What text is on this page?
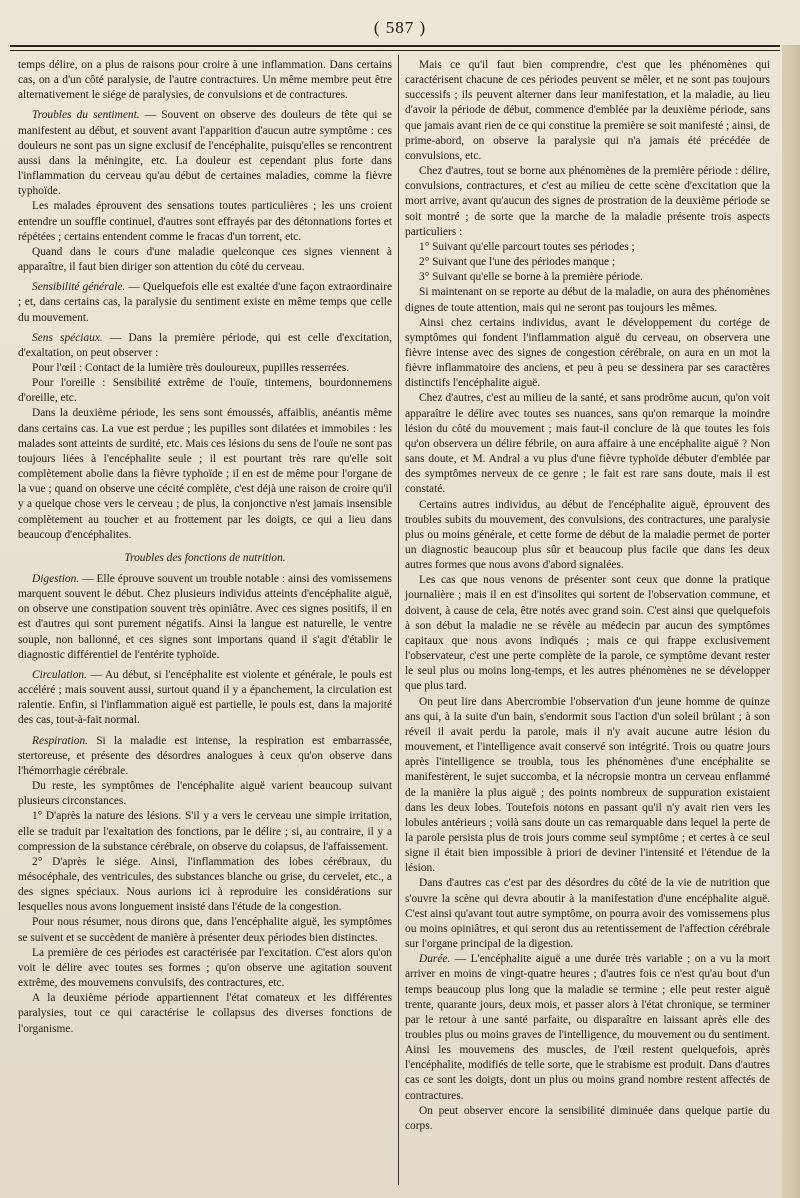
( 587 )

temps délire, on a plus de raisons pour croire à une inflammation. Dans certains cas, on a d'un côté paralysie, de l'autre contractures. Un même membre peut être alternativement le siége de paralysies, de convulsions et de contractures.

Troubles du sentiment. — Souvent on observe des douleurs de tête qui se manifestent au début, et souvent avant l'apparition d'aucun autre symptôme : ces douleurs ne sont pas un signe exclusif de l'encéphalite, puisqu'elles se rencontrent aussi dans la méningite, etc. La douleur est cependant plus forte dans l'inflammation du cerveau qu'au début de certaines maladies, comme la fièvre typhoïde.

Les malades éprouvent des sensations toutes particulières ; les uns croient entendre un souffle continuel, d'autres sont effrayés par des détonnations fortes et répétées ; certains entendent comme le fracas d'un torrent, etc.

Quand dans le cours d'une maladie quelconque ces signes viennent à apparaître, il faut bien diriger son attention du côté du cerveau.

Sensibilité générale. — Quelquefois elle est exaltée d'une façon extraordinaire ; et, dans certains cas, la paralysie du sentiment existe en même temps que celle du mouvement.

Sens spéciaux. — Dans la première période, qui est celle d'excitation, d'exaltation, on peut observer :

Pour l'œil : Contact de la lumière très douloureux, pupilles resserrées.

Pour l'oreille : Sensibilité extrême de l'ouïe, tintemens, bourdonnemens d'oreille, etc.

Dans la deuxième période, les sens sont émoussés, affaiblis, anéantis même dans certains cas. La vue est perdue ; les pupilles sont dilatées et immobiles : les malades sont atteints de surdité, etc. Mais ces lésions du sens de l'ouïe ne sont pas toujours liées à l'encéphalite seule ; il est pourtant très rare qu'elle soit complètement abolie dans la fièvre typhoïde ; il en est de même pour l'organe de la vue ; quand on observe une cécité complète, c'est déjà une raison de croire qu'il y a quelque chose vers le cerveau ; de plus, la conjonctive n'est jamais insensible complètement au toucher et au frottement par les doigts, ce qui a lieu dans beaucoup d'encéphalites.

Troubles des fonctions de nutrition.

Digestion. — Elle éprouve souvent un trouble notable : ainsi des vomissemens marquent souvent le début. Chez plusieurs individus atteints d'encéphalite aiguë, on observe une constipation souvent très opiniâtre. Avec ces signes positifs, il en est d'autres qui sont purement négatifs. Ainsi la langue est naturelle, le ventre souple, non ballonné, et ces signes sont importans quand il s'agit d'établir le diagnostic différentiel de l'entérite typhoïde.

Circulation. — Au début, si l'encéphalite est violente et générale, le pouls est accéléré ; mais souvent aussi, surtout quand il y a épanchement, la circulation est ralentie. Enfin, si l'inflammation aiguë est partielle, le pouls est, dans la majorité des cas, tout-à-fait normal.

Respiration. Si la maladie est intense, la respiration est embarrassée, stertoreuse, et présente des désordres analogues à ceux qu'on observe dans l'hémorrhagie cérébrale.

Du reste, les symptômes de l'encéphalite aiguë varient beaucoup suivant plusieurs circonstances.

1° D'après la nature des lésions. S'il y a vers le cerveau une simple irritation, elle se traduit par l'exaltation des fonctions, par le délire ; si, au contraire, il y a compression de la substance cérébrale, on observe du colapsus, de l'affaissement.

2° D'après le siége. Ainsi, l'inflammation des lobes cérébraux, du mésocéphale, des ventricules, des substances blanche ou grise, du cervelet, etc., a des signes spéciaux. Nous aurions ici à reproduire les considérations sur lesquelles nous avons longuement insisté dans l'étude de la congestion.

Pour nous résumer, nous dirons que, dans l'encéphalite aiguë, les symptômes se suivent et se succèdent de manière à présenter deux périodes bien distinctes.

La première de ces périodes est caractérisée par l'excitation. C'est alors qu'on voit le délire avec toutes ses formes ; qu'on observe une agitation souvent extrême, des mouvemens convulsifs, des contractures, etc.

A la deuxième période appartiennent l'état comateux et les différentes paralysies, tout ce qui caractérise le collapsus des diverses fonctions de l'organisme.

Mais ce qu'il faut bien comprendre, c'est que les phénomènes qui caractérisent chacune de ces périodes peuvent se mêler, et ne sont pas toujours successifs ; ils peuvent alterner dans leur manifestation, et la maladie, au lieu d'avoir la période de début, commence d'emblée par la deuxième période, sans que jamais avant rien de ce qui constitue la première se soit manifesté ; ainsi, de prime-abord, on observe la paralysie qui n'a jamais été précédée de convulsions, etc.

Chez d'autres, tout se borne aux phénomènes de la première période : délire, convulsions, contractures, et c'est au milieu de cette scène d'excitation que la mort arrive, avant qu'aucun des signes de prostration de la deuxième période se soit montré ; de sorte que la marche de la maladie présente trois aspects particuliers :

1° Suivant qu'elle parcourt toutes ses périodes ;

2° Suivant que l'une des périodes manque ;

3° Suivant qu'elle se borne à la première période.

Si maintenant on se reporte au début de la maladie, on aura des phénomènes dignes de toute attention, mais qui ne seront pas toujours les mêmes.

Ainsi chez certains individus, avant le développement du cortége de symptômes qui fondent l'inflammation aiguë du cerveau, on observera une fièvre intense avec des signes de congestion cérébrale, on aura en un mot la fièvre inflammatoire des anciens, et peu à peu se dessinera par ses caractères distinctifs l'encéphalite aiguë.

Chez d'autres, c'est au milieu de la santé, et sans prodrôme aucun, qu'on voit apparaître le délire avec toutes ses nuances, sans qu'on remarque la moindre lésion du côté du mouvement ; mais faut-il conclure de là que toutes les fois qu'on observera un délire fébrile, on aura affaire à une encéphalite aiguë ? Non sans doute, et M. Andral a vu plus d'une fièvre typhoïde débuter d'emblée par des symptômes nerveux de ce genre ; le fait est rare sans doute, mais il est constaté.

Certains autres individus, au début de l'encéphalite aiguë, éprouvent des troubles subits du mouvement, des convulsions, des contractures, une paralysie plus ou moins générale, et cette forme de début de la maladie permet de porter un diagnostic beaucoup plus sûr et beaucoup plus facile que dans les deux autres formes que nous avons d'abord signalées.

Les cas que nous venons de présenter sont ceux que donne la pratique journalière ; mais il en est d'insolites qui sortent de l'observation commune, et doivent, à cause de cela, être notés avec grand soin. C'est ainsi que quelquefois à son début la maladie ne se révèle au médecin par aucun des symptômes capitaux que nous avons indiqués ; mais ce qui frappe exclusivement l'observateur, c'est une perte complète de la parole, ce symptôme devant rester le seul plus ou moins long-temps, et les autres phénomènes ne se développer que plus tard.

On peut lire dans Abercrombie l'observation d'un jeune homme de quinze ans qui, à la suite d'un bain, s'endormit sous l'action d'un soleil brûlant ; à son réveil il avait perdu la parole, mais il n'y avait aucune autre lésion du mouvement, et l'intelligence avait conservé son intégrité. Trois ou quatre jours après l'intelligence se troubla, tous les phénomènes d'une encéphalite se manifestèrent, le sujet succomba, et la nécropsie montra un cerveau enflammé de la manière la plus aiguë ; des points nombreux de suppuration existaient dans les deux lobes. Toutefois notons en passant qu'il n'y avait rien vers les lobules antérieurs ; voilà sans doute un cas remarquable dans lequel la perte de la parole persista plus de trois jours comme seul symptôme ; et certes à ce seul signe il était bien impossible à priori de deviner l'intensité et l'étendue de la lésion.

Dans d'autres cas c'est par des désordres du côté de la vie de nutrition que s'ouvre la scène qui devra aboutir à la manifestation d'une encéphalite aiguë. C'est ainsi qu'avant tout autre symptôme, on pourra avoir des vomissemens plus ou moins opiniâtres, et qui seront dus au retentissement de l'affection cérébrale sur l'organe principal de la digestion.

Durée. — L'encéphalite aiguë a une durée très variable ; on a vu la mort arriver en moins de vingt-quatre heures ; d'autres fois ce n'est qu'au bout d'un temps beaucoup plus long que la maladie se termine ; elle peut rester aiguë trente, quarante jours, deux mois, et passer alors à l'état chronique, se terminer par le retour à une santé parfaite, ou disparaître en laissant après elle des troubles plus ou moins graves de l'intelligence, du mouvement ou du sentiment. Ainsi les mouvemens des muscles, de l'œil restent quelquefois, après l'encéphalite, modifiés de telle sorte, que le strabisme est produit. Dans d'autres cas ce sont les doigts, dont un plus ou moins grand nombre restent affectés de contractures.

On peut observer encore la sensibilité diminuée dans quelque partie du corps.
